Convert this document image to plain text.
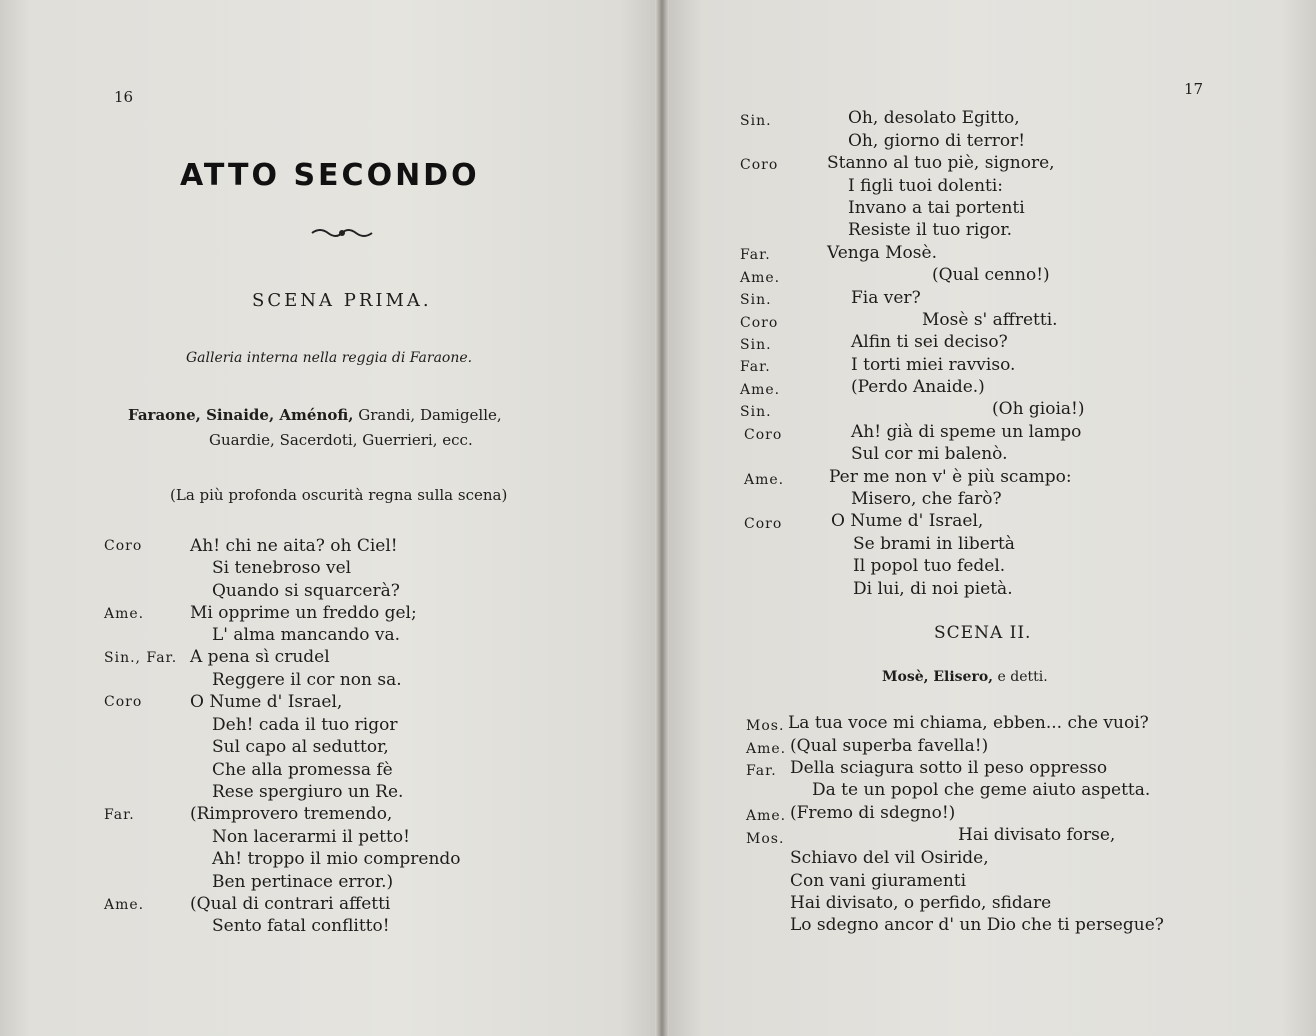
16
ATTO SECONDO
SCENA PRIMA.
Galleria interna nella reggia di Faraone.
Faraone, Sinaide, Aménofi, Grandi, Damigelle,
Guardie, Sacerdoti, Guerrieri, ecc.
(La più profonda oscurità regna sulla scena)
Coro	Ah! chi ne aita? oh Ciel!
Si tenebroso vel
Quando si squarcerà?
Ame.	Mi opprime un freddo gel;
L' alma mancando va.
Sin., Far. A pena sì crudel
Reggere il cor non sa.
Coro	O Nume d' Israel,
Deh! cada il tuo rigor
Sul capo al seduttor,
Che alla promessa fè
Rese spergiuro un Re.
Far.	(Rimprovero tremendo,
Non lacerarmi il petto!
Ah! troppo il mio comprendo
Ben pertinace error.)
Ame.	(Qual di contrari affetti
Sento fatal conflitto!
17
Sin.	Oh, desolato Egitto,
Oh, giorno di terror!
Coro	Stanno al tuo piè, signore,
I figli tuoi dolenti:
Invano a tai portenti
Resiste il tuo rigor.
Far.	Venga Mosè.
Ame.	(Qual cenno!)
Sin.	Fia ver?
Coro	Mosè s' affretti.
Sin.	Alfin ti sei deciso?
Far.	I torti miei ravviso.
Ame.	(Perdo Anaide.)
Sin.	(Oh gioia!)
Coro	Ah! già di speme un lampo
Sul cor mi balenò.
Ame.	Per me non v' è più scampo:
Misero, che farò?
Coro	O Nume d' Israel,
Se brami in libertà
Il popol tuo fedel.
Di lui, di noi pietà.
SCENA II.
Mosè, Elisero, e detti.
Mos. La tua voce mi chiama, ebben... che vuoi?
Ame. (Qual superba favella!)
Far. Della sciagura sotto il peso oppresso
Da te un popol che geme aiuto aspetta.
Ame. (Fremo di sdegno!)
Mos.	Hai divisato forse,
Schiavo del vil Osiride,
Con vani giuramenti
Hai divisato, o perfido, sfidare
Lo sdegno ancor d' un Dio che ti persegue?
